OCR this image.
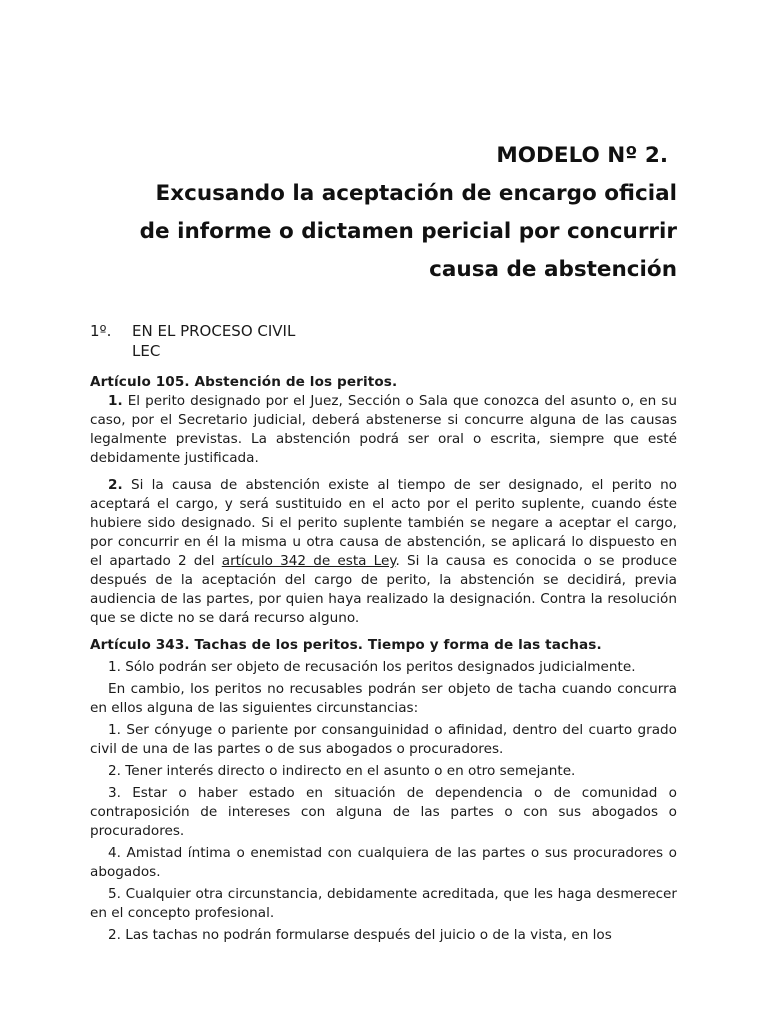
MODELO Nº 2.
Excusando la aceptación de encargo oficial
de informe o dictamen pericial por concurrir
causa de abstención
1º. EN EL PROCESO CIVIL
LEC

Artículo 105. Abstención de los peritos.

1. El perito designado por el Juez, Sección o Sala que conozca del asunto o, en su caso, por el Secretario judicial, deberá abstenerse si concurre alguna de las causas legalmente previstas. La abstención podrá ser oral o escrita, siempre que esté debidamente justificada.

2. Si la causa de abstención existe al tiempo de ser designado, el perito no aceptará el cargo, y será sustituido en el acto por el perito suplente, cuando éste hubiere sido designado. Si el perito suplente también se negare a aceptar el cargo, por concurrir en él la misma u otra causa de abstención, se aplicará lo dispuesto en el apartado 2 del artículo 342 de esta Ley. Si la causa es conocida o se produce después de la aceptación del cargo de perito, la abstención se decidirá, previa audiencia de las partes, por quien haya realizado la designación. Contra la resolución que se dicte no se dará recurso alguno.

Artículo 343. Tachas de los peritos. Tiempo y forma de las tachas.

1. Sólo podrán ser objeto de recusación los peritos designados judicialmente.

En cambio, los peritos no recusables podrán ser objeto de tacha cuando concurra en ellos alguna de las siguientes circunstancias:

1. Ser cónyuge o pariente por consanguinidad o afinidad, dentro del cuarto grado civil de una de las partes o de sus abogados o procuradores.

2. Tener interés directo o indirecto en el asunto o en otro semejante.

3. Estar o haber estado en situación de dependencia o de comunidad o contraposición de intereses con alguna de las partes o con sus abogados o procuradores.

4. Amistad íntima o enemistad con cualquiera de las partes o sus procuradores o abogados.

5. Cualquier otra circunstancia, debidamente acreditada, que les haga desmerecer en el concepto profesional.

2. Las tachas no podrán formularse después del juicio o de la vista, en los
